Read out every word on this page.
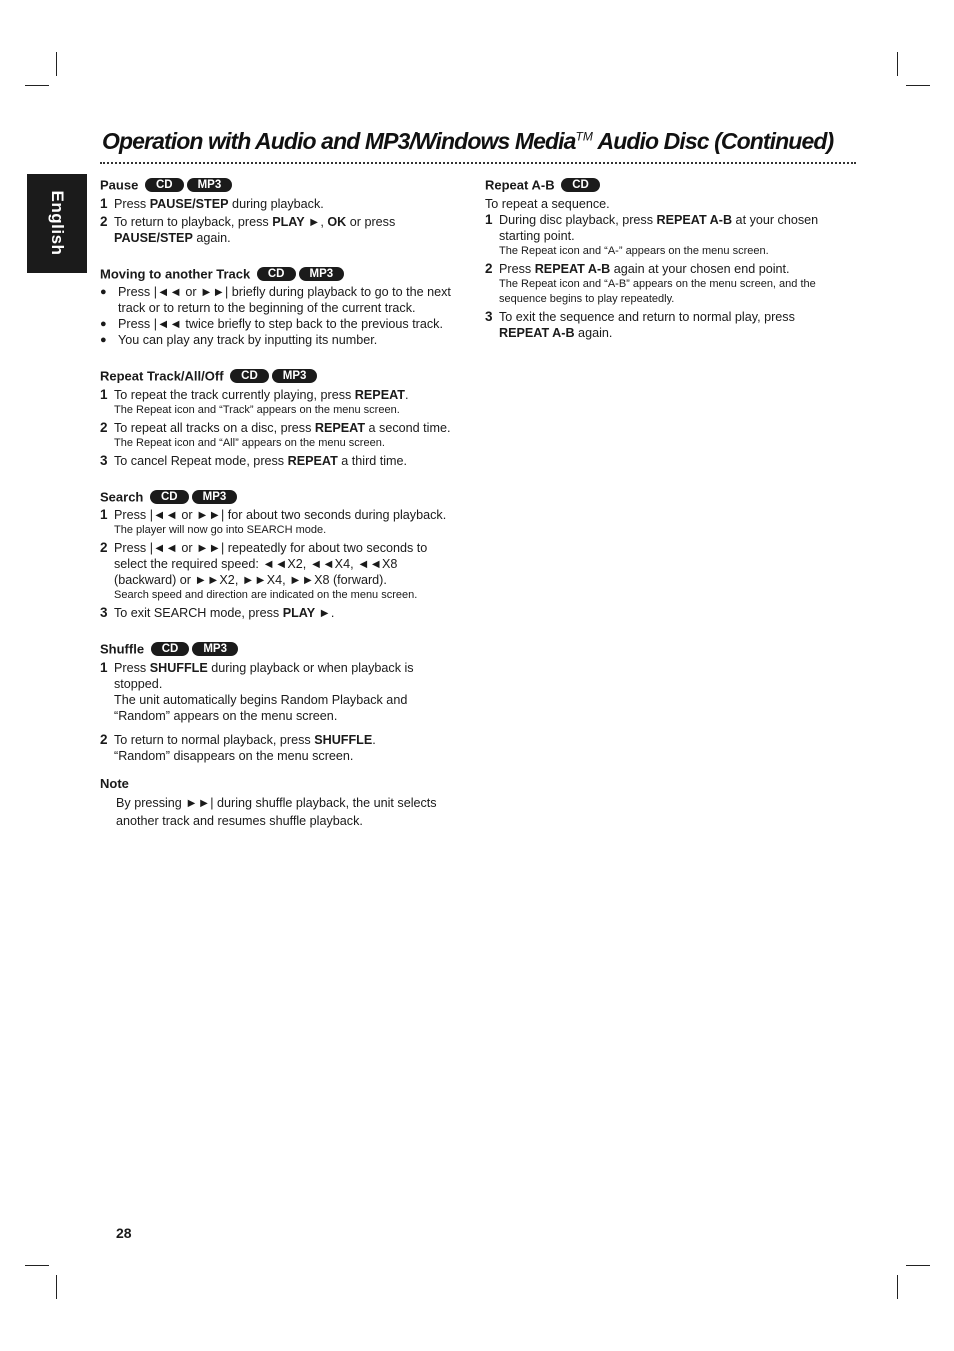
Operation with Audio and MP3/Windows Media™ Audio Disc (Continued)
English
Pause CD MP3

1 Press PAUSE/STEP during playback.

2 To return to playback, press PLAY ►, OK or press PAUSE/STEP again.

Moving to another Track CD MP3

● Press |◄◄ or ►►| briefly during playback to go to the next track or to return to the beginning of the current track.

● Press |◄◄ twice briefly to step back to the previous track.

● You can play any track by inputting its number.

Repeat Track/All/Off CD MP3

1 To repeat the track currently playing, press REPEAT.
The Repeat icon and “Track” appears on the menu screen.

2 To repeat all tracks on a disc, press REPEAT a second time.
The Repeat icon and “All” appears on the menu screen.

3 To cancel Repeat mode, press REPEAT a third time.

Search CD MP3

1 Press |◄◄ or ►►| for about two seconds during playback.
The player will now go into SEARCH mode.

2 Press |◄◄ or ►►| repeatedly for about two seconds to select the required speed: ◄◄X2, ◄◄X4, ◄◄X8 (backward) or ►►X2, ►►X4, ►►X8 (forward).
Search speed and direction are indicated on the menu screen.

3 To exit SEARCH mode, press PLAY ►.

Shuffle CD MP3

1 Press SHUFFLE during playback or when playback is stopped.
The unit automatically begins Random Playback and “Random” appears on the menu screen.

2 To return to normal playback, press SHUFFLE.
“Random” disappears on the menu screen.

Note

By pressing ►►| during shuffle playback, the unit selects another track and resumes shuffle playback.

Repeat A-B CD

To repeat a sequence.

1 During disc playback, press REPEAT A-B at your chosen starting point.
The Repeat icon and “A-” appears on the menu screen.

2 Press REPEAT A-B again at your chosen end point.
The Repeat icon and “A-B” appears on the menu screen, and the sequence begins to play repeatedly.

3 To exit the sequence and return to normal play, press REPEAT A-B again.

28
